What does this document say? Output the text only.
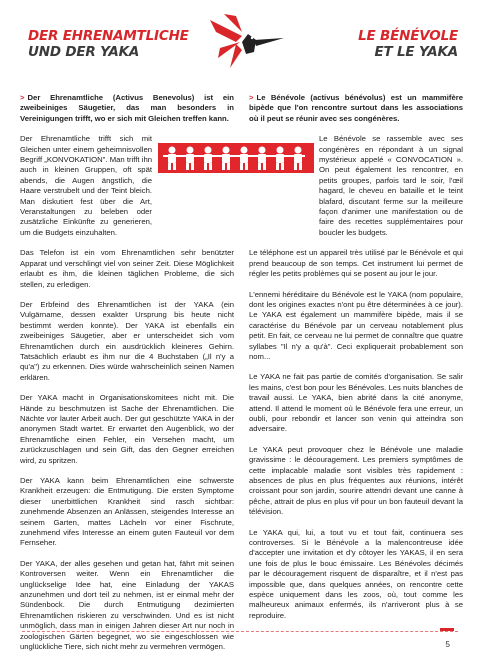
DER EHRENAMTLICHE
UND DER YAKA
LE BÉNÉVOLE
ET LE YAKA

> Der Ehrenamtliche (Activus Benevolus) ist ein zweibeiniges Säugetier, das man besonders in Vereinigungen trifft, wo er sich mit Gleichen treffen kann.

Der Ehrenamtliche trifft sich mit Gleichen unter einem geheimnisvollen Begriff „KONVOKATION". Man trifft ihn auch in kleinen Gruppen, oft spät abends, die Augen ängstlich, die Haare verstrubelt und der Teint bleich. Man diskutiert fest über die Art, Veranstaltungen zu beleben oder zusätzliche Einkünfte zu generieren, um die Budgets einzuhalten.

Das Telefon ist ein vom Ehrenamtlichen sehr benützter Apparat und verschlingt viel von seiner Zeit. Diese Möglichkeit erlaubt es ihm, die kleinen täglichen Probleme, die sich stellen, zu erledigen.

Der Erbfeind des Ehrenamtlichen ist der YAKA (ein Vulgärname, dessen exakter Ursprung bis heute nicht bestimmt werden konnte). Der YAKA ist ebenfalls ein zweibeiniges Säugetier, aber er unterscheidet sich vom Ehrenamtlichen durch ein ausdrücklich kleineres Gehirn. Tatsächlich erlaubt es ihm nur die 4 Buchstaben („Il n'y a qu'a") zu erkennen. Dies würde wahrscheinlich seinen Namen erklären.

Der YAKA macht in Organisationskomitees nicht mit. Die Hände zu beschmutzen ist Sache der Ehrenamtlichen. Die Nächte vor lauter Arbeit auch. Der gut geschützte YAKA in der anonymen Stadt wartet. Er erwartet den Augenblick, wo der Ehrenamtliche einen Fehler, ein Versehen macht, um zurückzuschlagen und sein Gift, das den Gegner erreichen wird, zu spritzen.

Der YAKA kann beim Ehrenamtlichen eine schwerste Krankheit erzeugen: die Entmutigung. Die ersten Symptome dieser unerbittlichen Krankheit sind rasch sichtbar: zunehmende Absenzen an Anlässen, steigendes Interesse an seinem Garten, mattes Lächeln vor einer Fischrute, zunehmend vifes Interesse an einem guten Fauteuil vor dem Fernseher.

Der YAKA, der alles gesehen und getan hat, fährt mit seinen Kontroversen weiter. Wenn ein Ehrenamtlicher die unglückselige Idee hat, eine Einladung der YAKAS anzunehmen und dort teil zu nehmen, ist er einmal mehr der Sündenbock. Die durch Entmutigung dezimierten Ehrenamtlichen riskieren zu verschwinden. Und es ist nicht unmöglich, dass man in einigen Jahren dieser Art nur noch in zoologischen Gärten begegnet, wo sie eingeschlossen wie unglückliche Tiere, sich nicht mehr zu vermehren vermögen.

> Le Bénévole (activus bénévolus) est un mammifère bipède que l'on rencontre surtout dans les associations où il peut se réunir avec ses congénères.

Le Bénévole se rassemble avec ses congénères en répondant à un signal mystérieux appelé « CONVOCATION ». On peut également les rencontrer, en petits groupes, parfois tard le soir, l'œil hagard, le cheveu en bataille et le teint blafard, discutant ferme sur la meilleure façon d'animer une manifestation ou de faire des recettes supplémentaires pour boucler les budgets.

Le téléphone est un appareil très utilisé par le Bénévole et qui prend beaucoup de son temps. Cet instrument lui permet de régler les petits problèmes qui se posent au jour le jour.

L'ennemi héréditaire du Bénévole est le YAKA (nom populaire, dont les origines exactes n'ont pu être déterminées à ce jour). Le YAKA est également un mammifère bipède, mais il se caractérise du Bénévole par un cerveau notablement plus petit. En fait, ce cerveau ne lui permet de connaître que quatre syllabes "Il n'y a qu'à". Ceci expliquerait probablement son nom...

Le YAKA ne fait pas partie de comités d'organisation. Se salir les mains, c'est bon pour les Bénévoles. Les nuits blanches de travail aussi. Le YAKA, bien abrité dans la cité anonyme, attend. Il attend le moment où le Bénévole fera une erreur, un oubli, pour rebondir et lancer son venin qui atteindra son adversaire.

Le YAKA peut provoquer chez le Bénévole une maladie gravissime : le découragement. Les premiers symptômes de cette implacable maladie sont visibles très rapidement : absences de plus en plus fréquentes aux réunions, intérêt croissant pour son jardin, sourire attendri devant une canne à pêche, attrait de plus en plus vif pour un bon fauteuil devant la télévision.

Le YAKA qui, lui, a tout vu et tout fait, continuera ses controverses. Si le Bénévole a la malencontreuse idée d'accepter une invitation et d'y côtoyer les YAKAS, il en sera une fois de plus le bouc émissaire. Les Bénévoles décimés par le découragement risquent de disparaître, et il n'est pas impossible que, dans quelques années, on rencontre cette espèce uniquement dans les zoos, où, tout comme les malheureux animaux enfermés, ils n'arriveront plus à se reproduire.

5
